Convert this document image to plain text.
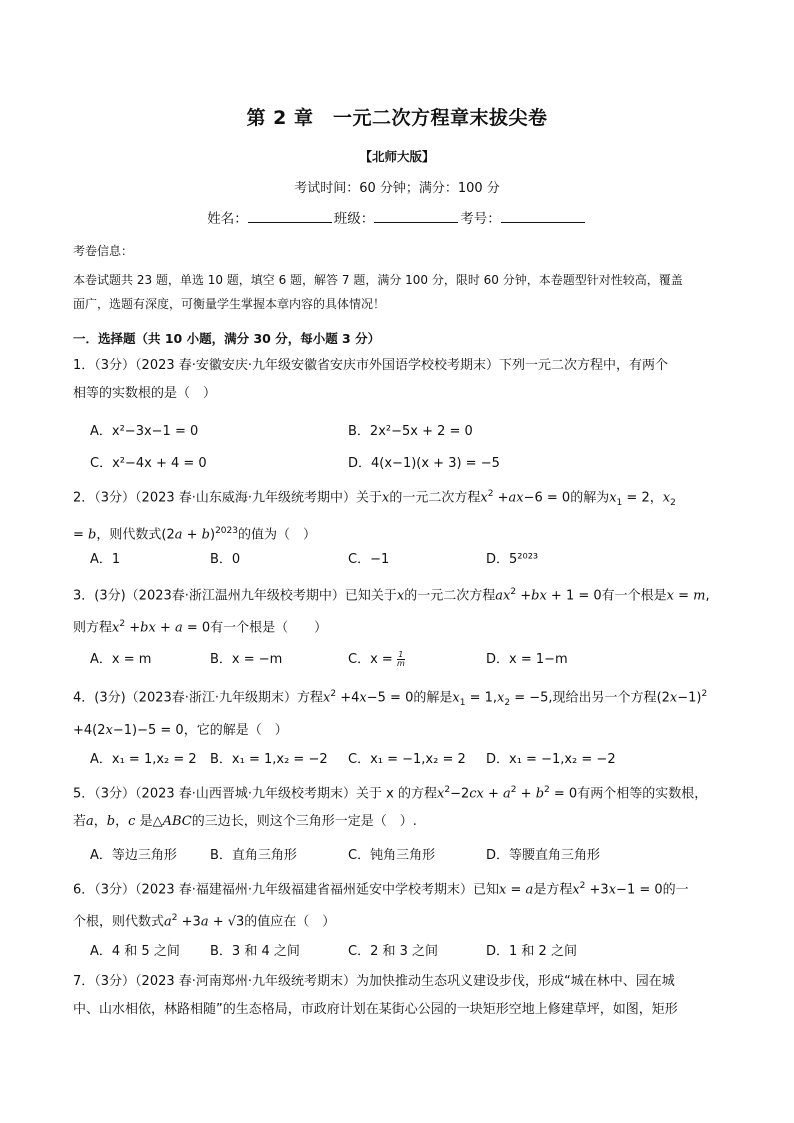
第 2 章　一元二次方程章末拔尖卷
【北师大版】
考试时间：60 分钟；满分：100 分
姓名：	班级：	考号：
考卷信息：
本卷试题共 23 题，单选 10 题，填空 6 题，解答 7 题，满分 100 分，限时 60 分钟，本卷题型针对性较高，覆盖
面广，选题有深度，可衡量学生掌握本章内容的具体情况！
一．选择题（共 10 小题，满分 30 分，每小题 3 分）
1．（3分）（2023 春·安徽安庆·九年级安徽省安庆市外国语学校校考期末）下列一元二次方程中，有两个
相等的实数根的是（　）
A．x²−3x−1 = 0	B．2x²−5x + 2 = 0
C．x²−4x + 4 = 0	D．4(x−1)(x + 3) = −5
2．（3分）（2023 春·山东威海·九年级统考期中）关于x的一元二次方程$x^2 +ax-6 = 0$的解为$x_1 = 2$，$x_2$
= b，则代数式$(2a + b)^{2023}$的值为（　）
A．1	B．0	C．−1	D．5²⁰²³
3．(3分)（2023春·浙江温州九年级校考期中）已知关于x的一元二次方程$ax^2 +bx + 1 = 0$有一个根是x = m,
则方程$x^2 +bx + a = 0$有一个根是（　　）
A．x = m	B．x = −m	C．$x = \frac{1}{m}$	D．x = 1−m
4．(3分)（2023春·浙江·九年级期末）方程$x^2 +4x-5 = 0$的解是$x_1 = 1,x_2 = -5$,现给出另一个方程$(2x-1)^2$
+4(2x−1)−5 = 0，它的解是（　）
A．x₁ = 1,x₂ = 2 B．x₁ = 1,x₂ = −2 C．x₁ = −1,x₂ = 2 D．x₁ = −1,x₂ = −2
5．（3分）（2023 春·山西晋城·九年级校考期末）关于 x 的方程$x^2-2cx + a^2 + b^2 = 0$有两个相等的实数根，
若a，b，c 是△ABC的三边长，则这个三角形一定是（　）.
A．等边三角形	B．直角三角形	C．钝角三角形	D．等腰直角三角形
6．（3分）（2023 春·福建福州·九年级福建省福州延安中学校考期末）已知x = a是方程$x^2 +3x-1 = 0$的一
个根，则代数式$a^2 +3a + √3$的值应在（　）
A．4 和 5 之间 B．3 和 4 之间	C．2 和 3 之间	D．1 和 2 之间
7．（3分）（2023 春·河南郑州·九年级统考期末）为加快推动生态巩义建设步伐，形成“城在林中、园在城
中、山水相依，林路相随”的生态格局，市政府计划在某街心公园的一块矩形空地上修建草坪，如图，矩形
